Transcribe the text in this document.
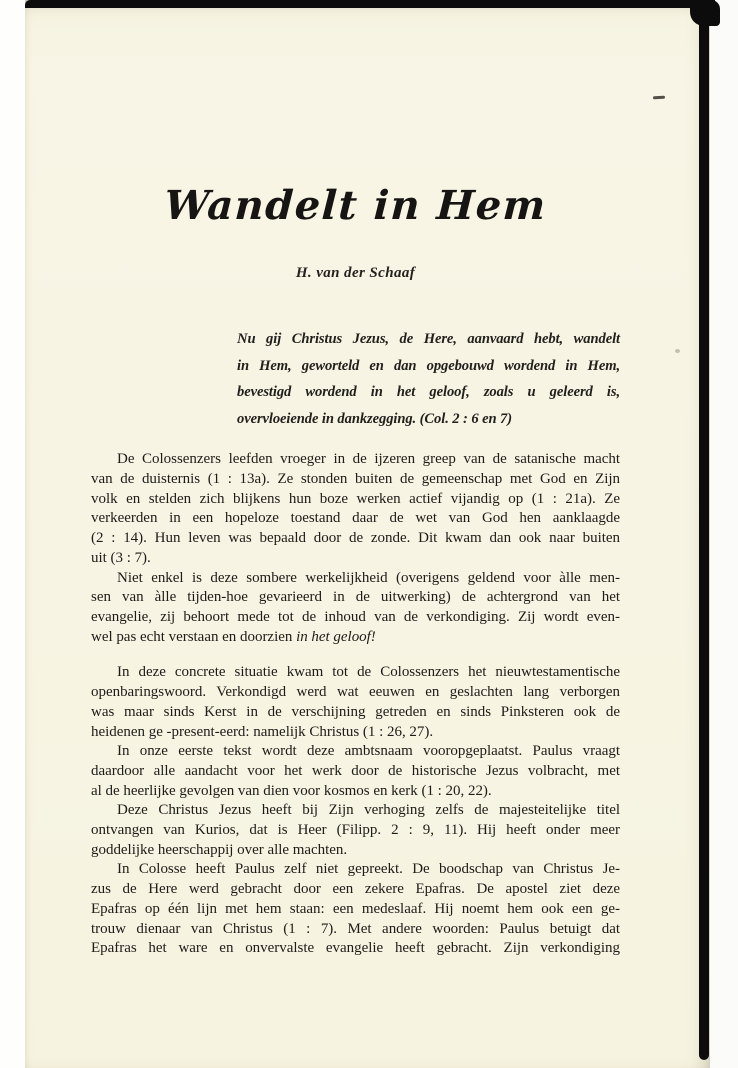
Wandelt in Hem
H. van der Schaaf
Nu gij Christus Jezus, de Here, aanvaard hebt, wandelt
in Hem, geworteld en dan opgebouwd wordend in Hem,
bevestigd wordend in het geloof, zoals u geleerd is,
overvloeiende in dankzegging. (Col. 2 : 6 en 7)
De Colossenzers leefden vroeger in de ijzeren greep van de satanische macht
van de duisternis (1 : 13a). Ze stonden buiten de gemeenschap met God en Zijn
volk en stelden zich blijkens hun boze werken actief vijandig op (1 : 21a). Ze
verkeerden in een hopeloze toestand daar de wet van God hen aanklaagde
(2 : 14). Hun leven was bepaald door de zonde. Dit kwam dan ook naar buiten
uit (3 : 7).
Niet enkel is deze sombere werkelijkheid (overigens geldend voor àlle men-
sen van àlle tijden-hoe gevarieerd in de uitwerking) de achtergrond van het
evangelie, zij behoort mede tot de inhoud van de verkondiging. Zij wordt even-
wel pas echt verstaan en doorzien in het geloof!
In deze concrete situatie kwam tot de Colossenzers het nieuwtestamentische
openbaringswoord. Verkondigd werd wat eeuwen en geslachten lang verborgen
was maar sinds Kerst in de verschijning getreden en sinds Pinksteren ook de
heidenen ge -present-eerd: namelijk Christus (1 : 26, 27).
In onze eerste tekst wordt deze ambtsnaam vooropgeplaatst. Paulus vraagt
daardoor alle aandacht voor het werk door de historische Jezus volbracht, met
al de heerlijke gevolgen van dien voor kosmos en kerk (1 : 20, 22).
Deze Christus Jezus heeft bij Zijn verhoging zelfs de majesteitelijke titel
ontvangen van Kurios, dat is Heer (Filipp. 2 : 9, 11). Hij heeft onder meer
goddelijke heerschappij over alle machten.
In Colosse heeft Paulus zelf niet gepreekt. De boodschap van Christus Je-
zus de Here werd gebracht door een zekere Epafras. De apostel ziet deze
Epafras op één lijn met hem staan: een medeslaaf. Hij noemt hem ook een ge-
trouw dienaar van Christus (1 : 7). Met andere woorden: Paulus betuigt dat
Epafras het ware en onvervalste evangelie heeft gebracht. Zijn verkondiging
